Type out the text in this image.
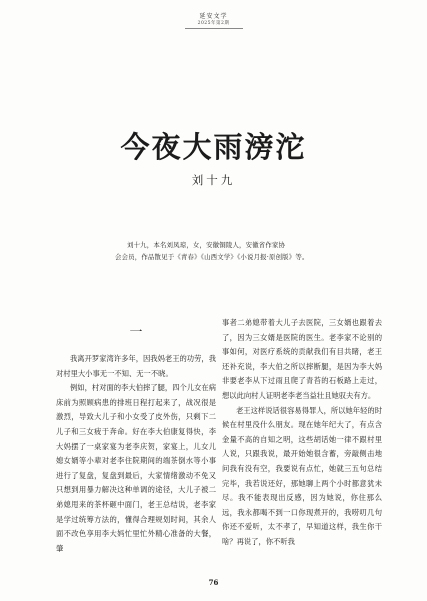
延安文学
2025年第2期
今夜大雨滂沱
刘十九

刘十九，本名刘凤琼，女，安徽铜陵人，安徽省作家协

会会员，作品散见于《青春》《山西文学》《小说月报·原创版》等。

一

我离开罗家湾许多年，因我妈老王的功劳，我对村里大小事无一不知、无一不晓。

例如，村对面的李大伯摔了腿，四个儿女在病床前为照顾病患的排班日程打起来了，战况很是激烈，导致大儿子和小女受了皮外伤，只剩下二儿子和三女疲于奔命。好在李大伯康复得快，李大妈摆了一桌家宴为老李庆贺，家宴上，儿女儿媳女婿等小辈对老李住院期间的端茶倒水等小事进行了复盘，复盘到最后，大家情绪激动不免又只想到用暴力解决这种单调的途径，大儿子被二弟媳甩来的茶杯砸中面门，老王总结说，老李家是学过统筹方法的，懂得合理规划时间，其余人面不改色享用李大妈忙里忙外精心准备的大餐，肇

事者二弟媳带着大儿子去医院，三女婿也跟着去了，因为三女婿是医院的医生。老李家不论别的事如何，对医疗系统的贡献我们有目共睹，老王还补充说，李大伯之所以摔断腿，是因为李大妈非要老李从下过雨且爬了青苔的石板路上走过，想以此向村人证明老李老当益壮且她驭夫有方。

老王这样说话很容易得罪人，所以她年轻的时候在村里没什么朋友。现在她年纪大了，有点含金量不高的自知之明，这些胡话她一律不跟村里人说，只跟我说，最开始她很含蓄，旁敲侧击地问我有没有空，我要说有点忙，她就三五句总结完毕，我若说还好，那她聊上两个小时都意犹未尽。我不能表现出反感，因为她说，你住那么远，我永都喝不到一口你现煮开的，我唠叨几句你还不爱听，太不孝了，早知道这样，我生你干啥？再说了，你不听我

76
